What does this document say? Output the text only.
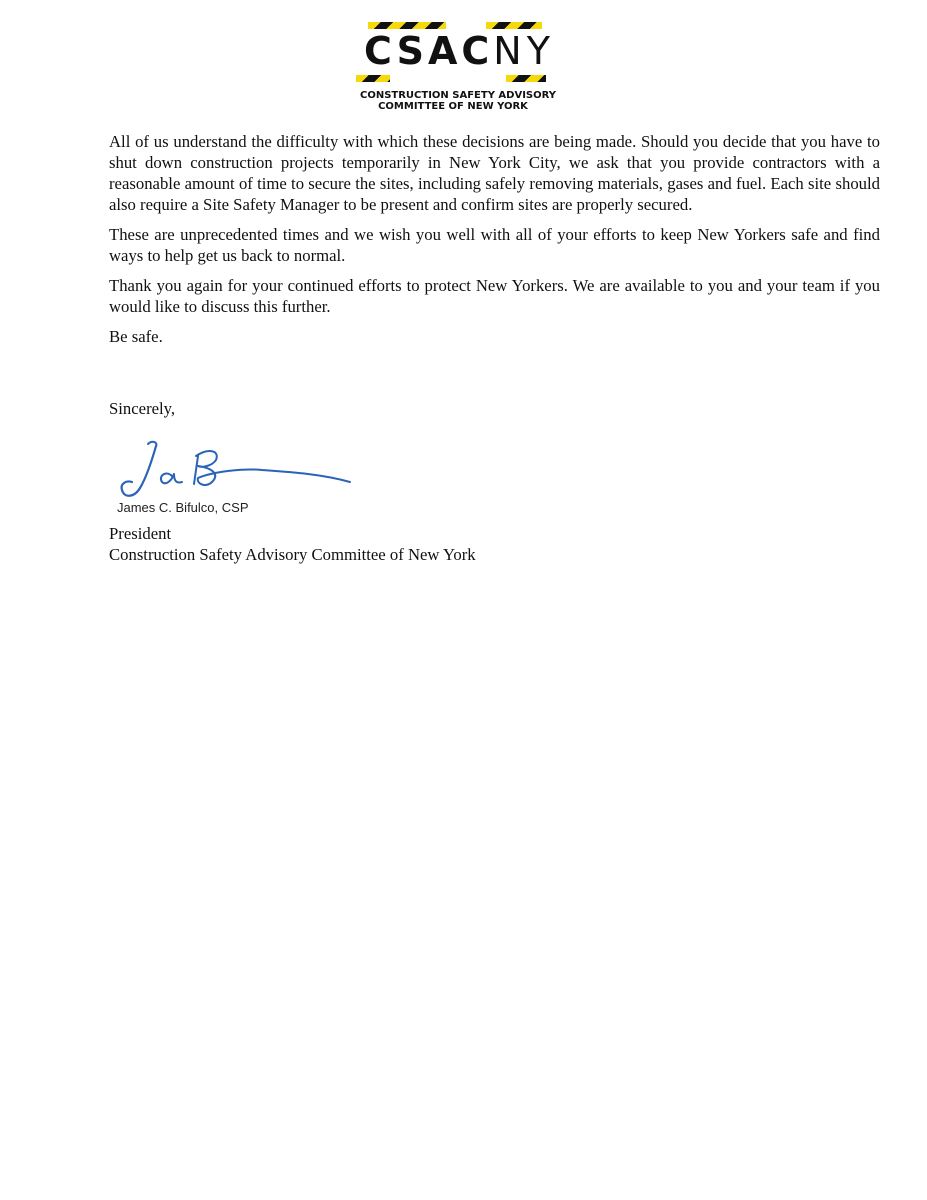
CSACNY
CONSTRUCTION SAFETY ADVISORY
COMMITTEE OF NEW YORK

All of us understand the difficulty with which these decisions are being made. Should you decide that you have to shut down construction projects temporarily in New York City, we ask that you provide contractors with a reasonable amount of time to secure the sites, including safely removing materials, gases and fuel. Each site should also require a Site Safety Manager to be present and confirm sites are properly secured.

These are unprecedented times and we wish you well with all of your efforts to keep New Yorkers safe and find ways to help get us back to normal.

Thank you again for your continued efforts to protect New Yorkers. We are available to you and your team if you would like to discuss this further.

Be safe.

Sincerely,
James C. Bifulco, CSP
President
Construction Safety Advisory Committee of New York
